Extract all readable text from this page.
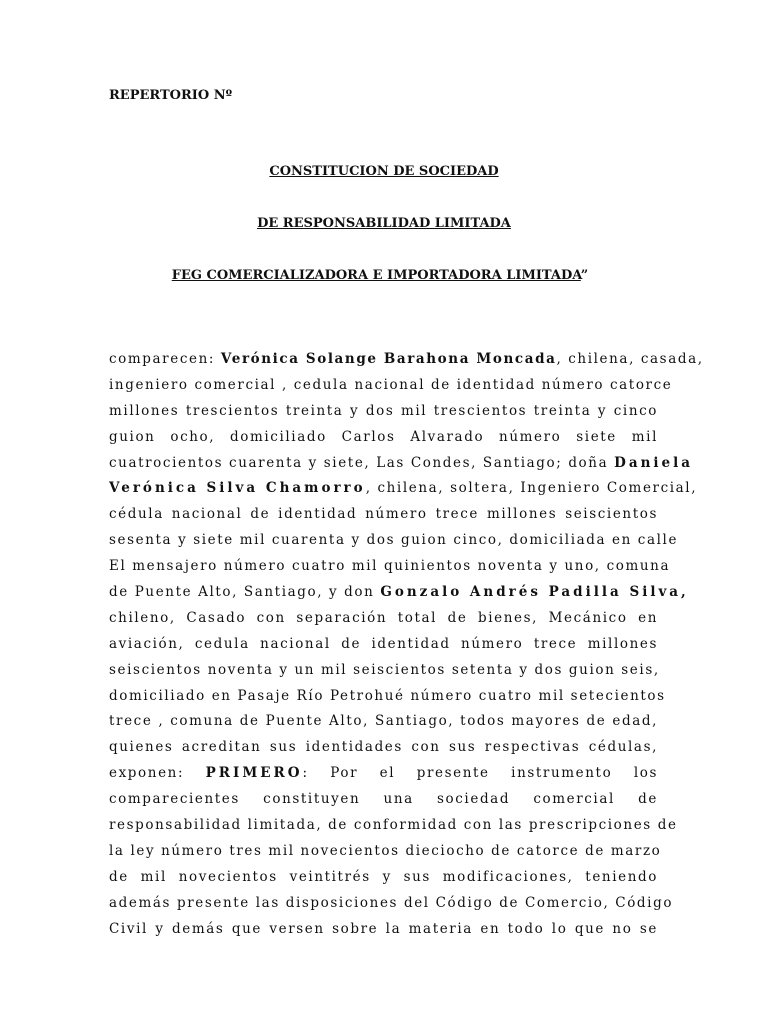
REPERTORIO Nº
CONSTITUCION DE SOCIEDAD
DE RESPONSABILIDAD LIMITADA
FEG COMERCIALIZADORA E IMPORTADORA LIMITADA”
comparecen: Verónica Solange Barahona Moncada, chilena, casada,
ingeniero comercial , cedula nacional de identidad número catorce
millones trescientos treinta y dos mil trescientos treinta y cinco
guion ocho, domiciliado Carlos Alvarado número siete mil
cuatrocientos cuarenta y siete, Las Condes, Santiago; doña Daniela
Verónica Silva Chamorro, chilena, soltera, Ingeniero Comercial,
cédula nacional de identidad número trece millones seiscientos
sesenta y siete mil cuarenta y dos guion cinco, domiciliada en calle
El mensajero número cuatro mil quinientos noventa y uno, comuna
de Puente Alto, Santiago, y don Gonzalo Andrés Padilla Silva,
chileno, Casado con separación total de bienes, Mecánico en
aviación, cedula nacional de identidad número trece millones
seiscientos noventa y un mil seiscientos setenta y dos guion seis,
domiciliado en Pasaje Río Petrohué número cuatro mil setecientos
trece , comuna de Puente Alto, Santiago, todos mayores de edad,
quienes acreditan sus identidades con sus respectivas cédulas,
exponen: PRIMERO: Por el presente instrumento los
comparecientes constituyen una sociedad comercial de
responsabilidad limitada, de conformidad con las prescripciones de
la ley número tres mil novecientos dieciocho de catorce de marzo
de mil novecientos veintitrés y sus modificaciones, teniendo
además presente las disposiciones del Código de Comercio, Código
Civil y demás que versen sobre la materia en todo lo que no se
